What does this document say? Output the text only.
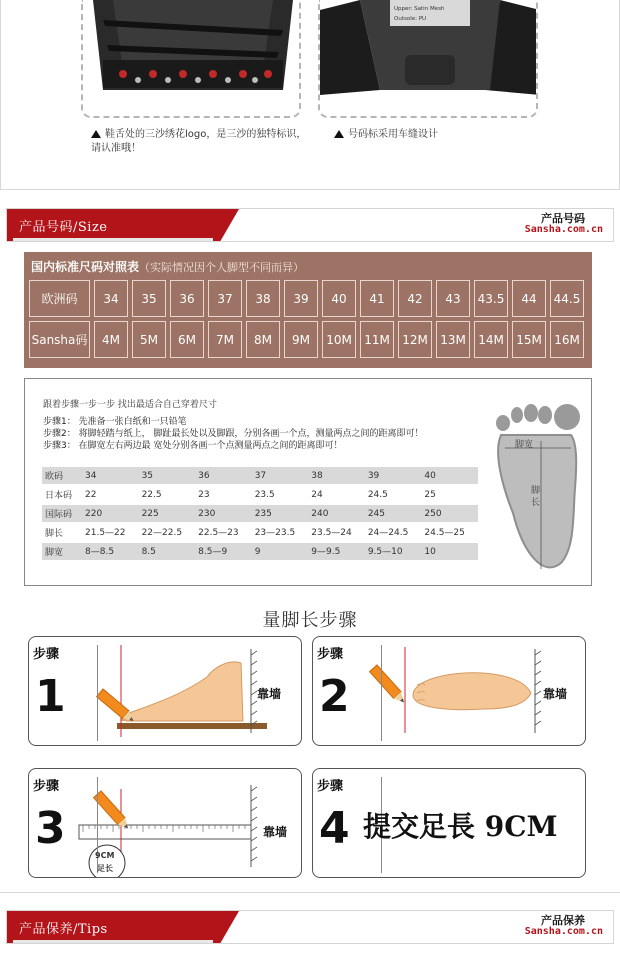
Upper: Satin Mesh
Outsole: PU
鞋舌处的三沙绣花logo，是三沙的独特标识，请认准哦！
号码标采用车缝设计
产品号码/Size
产品号码
Sansha.com.cn
国内标准尺码对照表（实际情况因个人脚型不同而异）
欧洲码	34	35	36	37	38	39	40	41	42	43	43.5	44	44.5
Sansha码	4M	5M	6M	7M	8M	9M	10M	11M	12M	13M	14M	15M	16M
跟着步骤一步一步 找出最适合自己穿着尺寸
步骤1： 先准备一张白纸和一只铅笔
步骤2： 将脚轻踏与纸上， 脚趾最长处以及脚跟，分别各画一个点，测量两点之间的距离即可！
步骤3： 在脚宽左右两边最 宽处分别各画一个点测量两点之间的距离即可！
欧码	34	35	36	37	38	39	40
日本码	22	22.5	23	23.5	24	24.5	25
国际码	220	225	230	235	240	245	250
脚长	21.5—22	22—22.5	22.5—23	23—23.5	23.5—24	24—24.5	24.5—25
脚宽	8—8.5	8.5	8.5—9	9	9—9.5	9.5—10	10
脚宽
脚长
量脚长步骤
步骤
1	靠墙
步骤
2	靠墙
步骤
3	靠墙
9CM
足长
步骤
4 提交足長 9CM
产品保养/Tips
产品保养
Sansha.com.cn
